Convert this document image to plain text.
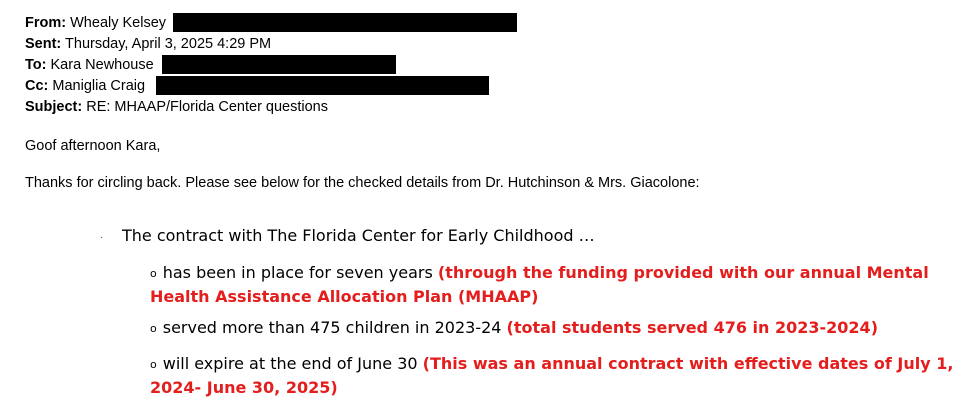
From: Whealy Kelsey
Sent: Thursday, April 3, 2025 4:29 PM
To: Kara Newhouse
Cc: Maniglia Craig
Subject: RE: MHAAP/Florida Center questions
Goof afternoon Kara,
Thanks for circling back. Please see below for the checked details from Dr. Hutchinson & Mrs. Giacolone:
· The contract with The Florida Center for Early Childhood …
o has been in place for seven years (through the funding provided with our annual Mental Health Assistance Allocation Plan (MHAAP)
o served more than 475 children in 2023-24 (total students served 476 in 2023-2024)
o will expire at the end of June 30 (This was an annual contract with effective dates of July 1, 2024- June 30, 2025)
